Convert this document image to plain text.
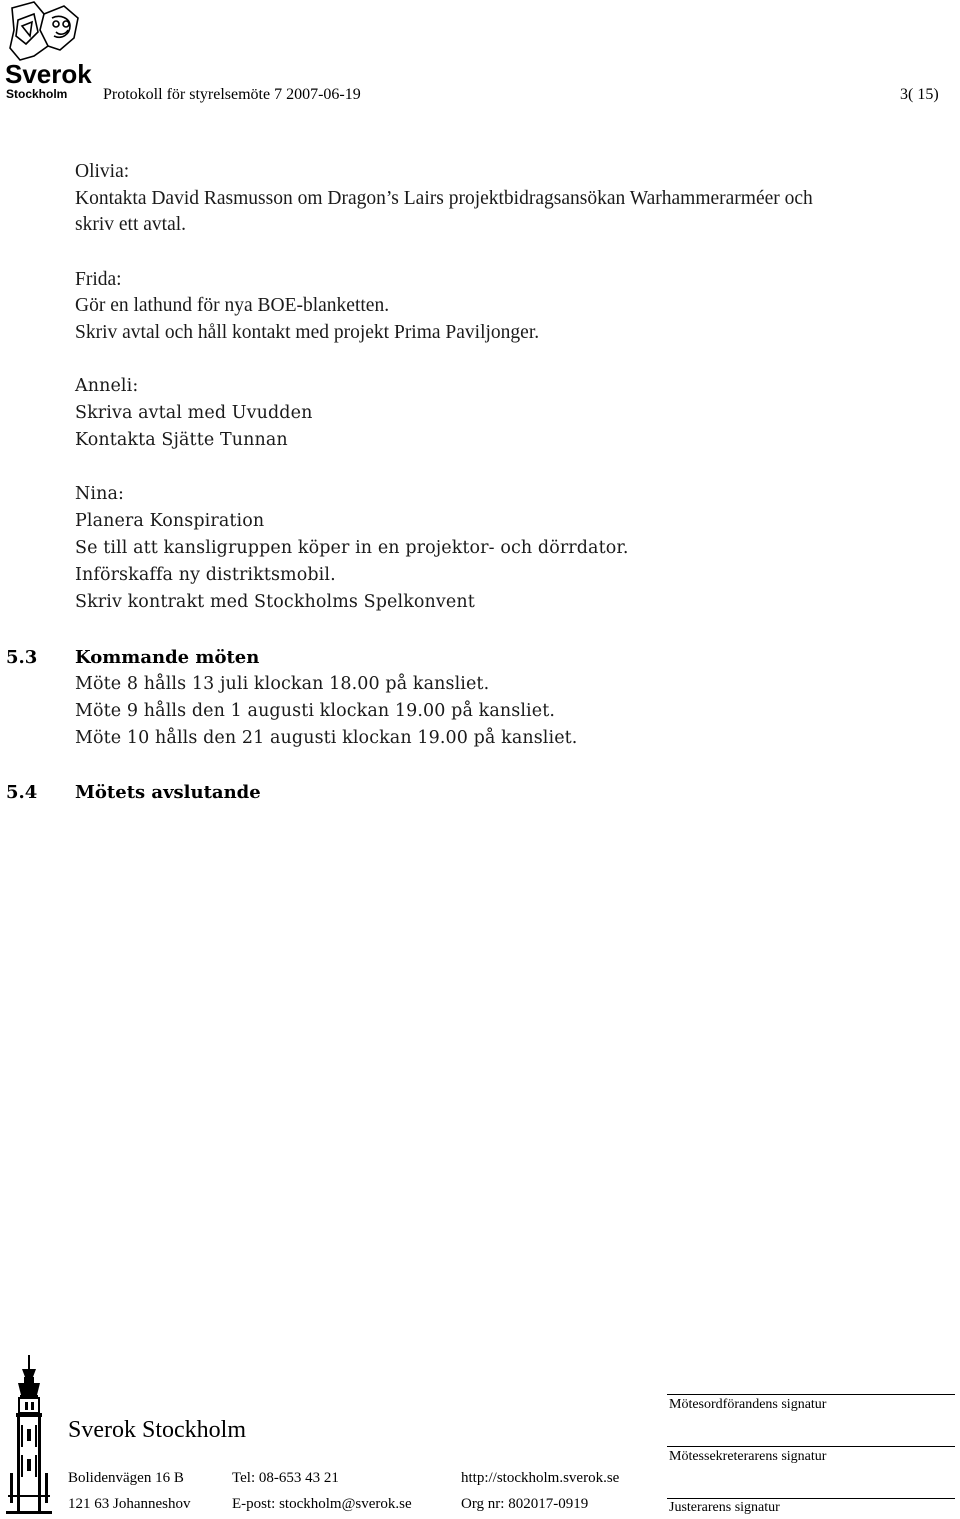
Sverok
Stockholm Protokoll för styrelsemöte 7 2007-06-19	3( 15)
Olivia:
Kontakta David Rasmusson om Dragon’s Lairs projektbidragsansökan Warhammerarméer och
skriv ett avtal.
Frida:
Gör en lathund för nya BOE-blanketten.
Skriv avtal och håll kontakt med projekt Prima Paviljonger.
Anneli:
Skriva avtal med Uvudden
Kontakta Sjätte Tunnan
Nina:
Planera Konspiration
Se till att kansligruppen köper in en projektor- och dörrdator.
Införskaffa ny distriktsmobil.
Skriv kontrakt med Stockholms Spelkonvent
5.3 Kommande möten
Möte 8 hålls 13 juli klockan 18.00 på kansliet.
Möte 9 hålls den 1 augusti klockan 19.00 på kansliet.
Möte 10 hålls den 21 augusti klockan 19.00 på kansliet.
5.4 Mötets avslutande
Sverok Stockholm
Bolidenvägen 16 B
121 63 Johanneshov
Tel: 08-653 43 21
E-post: stockholm@sverok.se
http://stockholm.sverok.se
Org nr: 802017-0919
Mötesordförandens signatur
Mötessekreterarens signatur
Justerarens signatur
